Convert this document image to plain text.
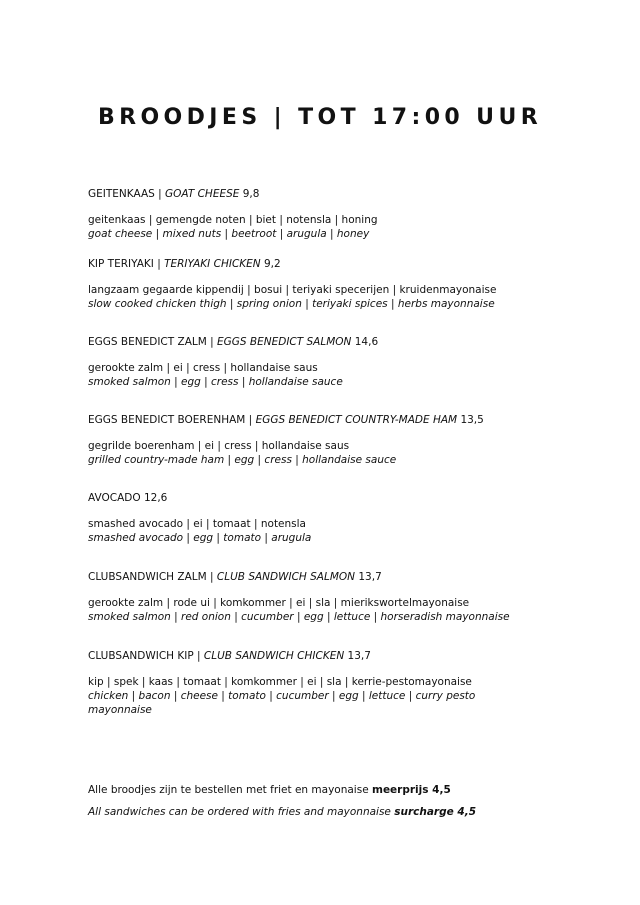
BROODJES | TOT 17:00 UUR

GEITENKAAS | GOAT CHEESE 9,8

geitenkaas | gemengde noten | biet | notensla | honing
goat cheese | mixed nuts | beetroot | arugula | honey

KIP TERIYAKI | TERIYAKI CHICKEN 9,2

langzaam gegaarde kippendij | bosui | teriyaki specerijen | kruidenmayonaise
slow cooked chicken thigh | spring onion | teriyaki spices | herbs mayonnaise

EGGS BENEDICT ZALM | EGGS BENEDICT SALMON 14,6

gerookte zalm | ei | cress | hollandaise saus
smoked salmon | egg | cress | hollandaise sauce

EGGS BENEDICT BOERENHAM | EGGS BENEDICT COUNTRY-MADE HAM 13,5

gegrilde boerenham | ei | cress | hollandaise saus
grilled country-made ham | egg | cress | hollandaise sauce

AVOCADO 12,6

smashed avocado | ei | tomaat | notensla
smashed avocado | egg | tomato | arugula

CLUBSANDWICH ZALM | CLUB SANDWICH SALMON 13,7

gerookte zalm | rode ui | komkommer | ei | sla | mierikswortelmayonaise
smoked salmon | red onion | cucumber | egg | lettuce | horseradish mayonnaise

CLUBSANDWICH KIP | CLUB SANDWICH CHICKEN 13,7

kip | spek | kaas | tomaat | komkommer | ei | sla | kerrie-pestomayonaise
chicken | bacon | cheese | tomato | cucumber | egg | lettuce | curry pesto mayonnaise
Alle broodjes zijn te bestellen met friet en mayonaise meerprijs 4,5
All sandwiches can be ordered with fries and mayonnaise surcharge 4,5
